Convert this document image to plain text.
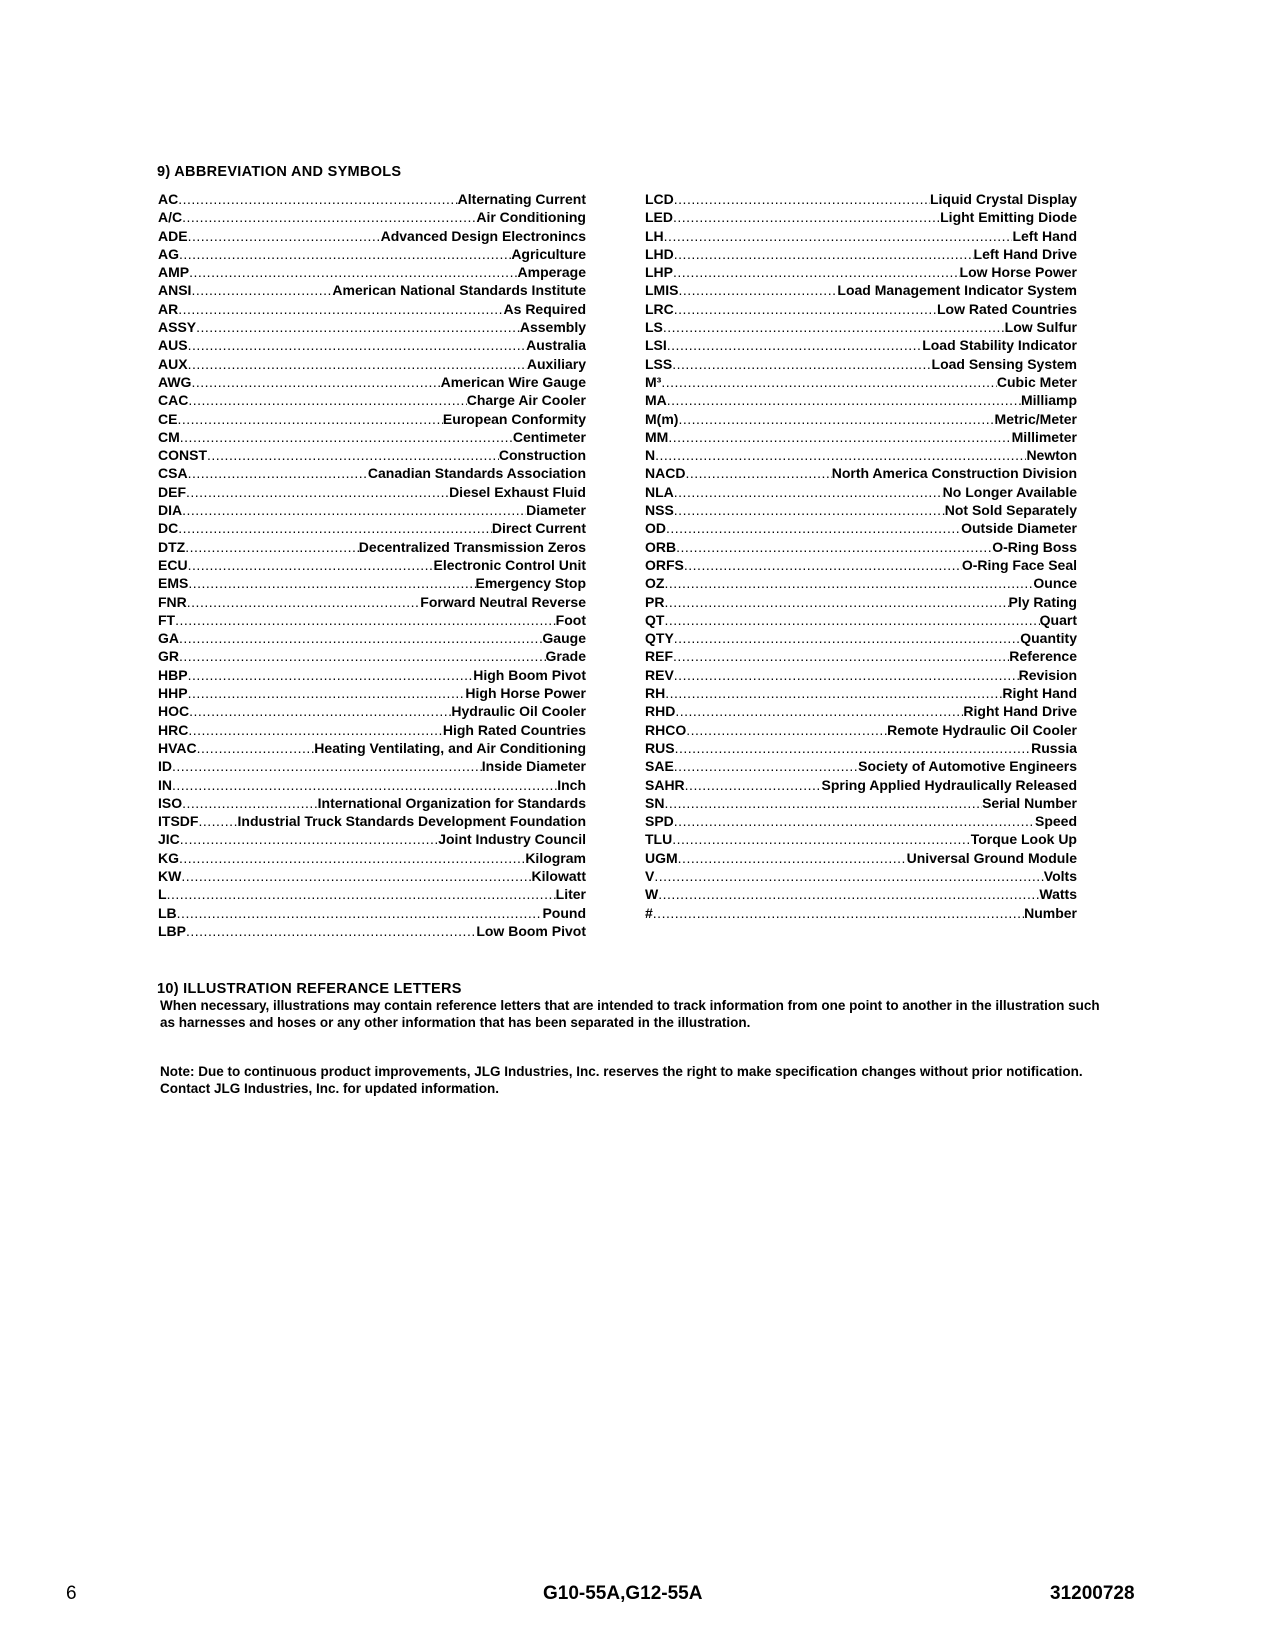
9) ABBREVIATION AND SYMBOLS
AC .....	Alternating Current
A/C .....	Air Conditioning
ADE .....	Advanced Design Electronincs
AG .....	Agriculture
AMP .....	Amperage
ANSI .....	American National Standards Institute
AR .....	As Required
ASSY .....	Assembly
AUS .....	Australia
AUX .....	Auxiliary
AWG .....	American Wire Gauge
CAC .....	Charge Air Cooler
CE .....	European Conformity
CM .....	Centimeter
CONST .....	Construction
CSA .....	Canadian Standards Association
DEF .....	Diesel Exhaust Fluid
DIA .....	Diameter
DC .....	Direct Current
DTZ .....	Decentralized Transmission Zeros
ECU .....	Electronic Control Unit
EMS .....	Emergency Stop
FNR .....	Forward Neutral Reverse
FT .....	Foot
GA .....	Gauge
GR .....	Grade
HBP .....	High Boom Pivot
HHP .....	High Horse Power
HOC .....	Hydraulic Oil Cooler
HRC .....	High Rated Countries
HVAC .....	Heating Ventilating, and Air Conditioning
ID .....	Inside Diameter
IN .....	Inch
ISO .....	International Organization for Standards
ITSDF .....	Industrial Truck Standards Development Foundation
JIC .....	Joint Industry Council
KG .....	Kilogram
KW .....	Kilowatt
L .....	Liter
LB .....	Pound
LBP .....	Low Boom Pivot
LCD .....	Liquid Crystal Display
LED .....	Light Emitting Diode
LH .....	Left Hand
LHD .....	Left Hand Drive
LHP .....	Low Horse Power
LMIS .....	Load Management Indicator System
LRC .....	Low Rated Countries
LS .....	Low Sulfur
LSI .....	Load Stability Indicator
LSS .....	Load Sensing System
M³ .....	Cubic Meter
MA .....	Milliamp
M(m) .....	Metric/Meter
MM .....	Millimeter
N .....	Newton
NACD .....	North America Construction Division
NLA .....	No Longer Available
NSS .....	Not Sold Separately
OD .....	Outside Diameter
ORB .....	O-Ring Boss
ORFS .....	O-Ring Face Seal
OZ .....	Ounce
PR .....	Ply Rating
QT .....	Quart
QTY .....	Quantity
REF .....	Reference
REV .....	Revision
RH .....	Right Hand
RHD .....	Right Hand Drive
RHCO .....	Remote Hydraulic Oil Cooler
RUS .....	Russia
SAE .....	Society of Automotive Engineers
SAHR .....	Spring Applied Hydraulically Released
SN .....	Serial Number
SPD .....	Speed
TLU .....	Torque Look Up
UGM .....	Universal Ground Module
V .....	Volts
W .....	Watts
# .....	Number
10) ILLUSTRATION REFERANCE LETTERS
When necessary, illustrations may contain reference letters that are intended to track information from one point to another in the illustration such as harnesses and hoses or any other information that has been separated in the illustration.
Note: Due to continuous product improvements, JLG Industries, Inc. reserves the right to make specification changes without prior notification. Contact JLG Industries, Inc. for updated information.
6	G10-55A,G12-55A	31200728
